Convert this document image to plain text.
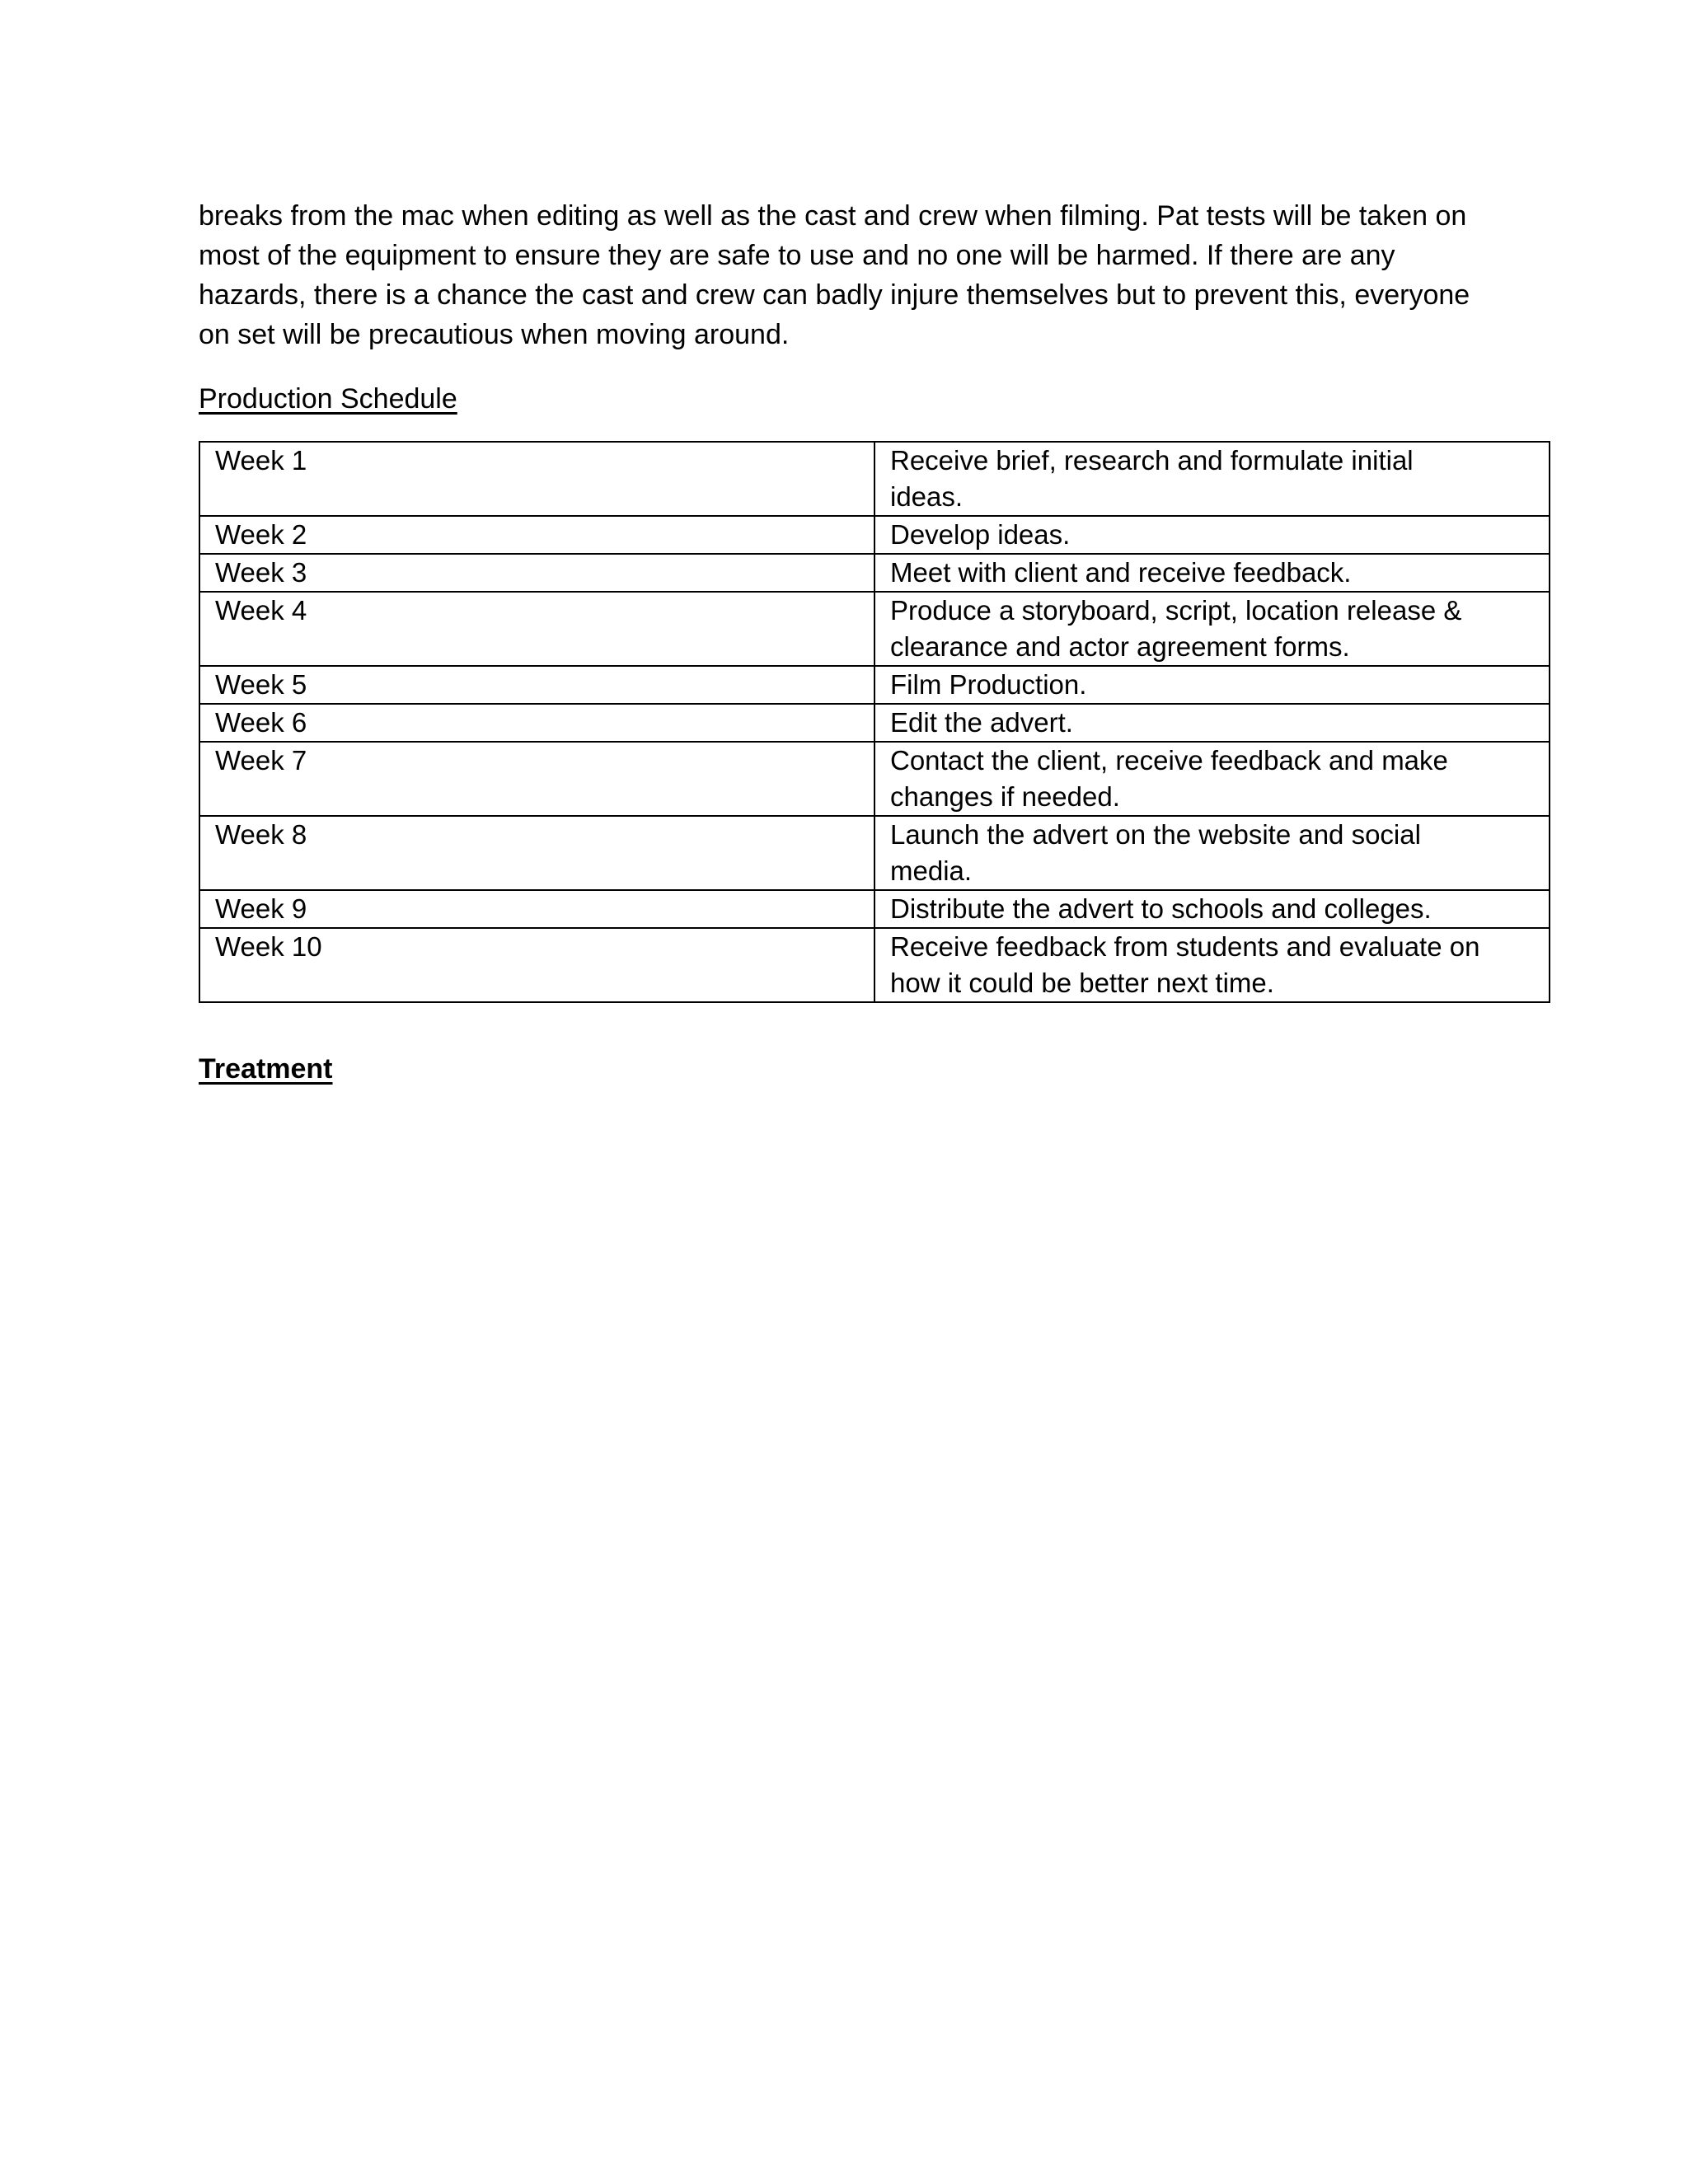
breaks from the mac when editing as well as the cast and crew when filming. Pat tests will be taken on
most of the equipment to ensure they are safe to use and no one will be harmed. If there are any
hazards, there is a chance the cast and crew can badly injure themselves but to prevent this, everyone
on set will be precautious when moving around.

Production Schedule
Week 1	Receive brief, research and formulate initial
ideas.

Week 2	Develop ideas.

Week 3	Meet with client and receive feedback.

Week 4	Produce a storyboard, script, location release &
clearance and actor agreement forms.

Week 5	Film Production.

Week 6	Edit the advert.

Week 7	Contact the client, receive feedback and make
changes if needed.

Week 8	Launch the advert on the website and social
media.

Week 9	Distribute the advert to schools and colleges.

Week 10	Receive feedback from students and evaluate on
how it could be better next time.
Treatment
